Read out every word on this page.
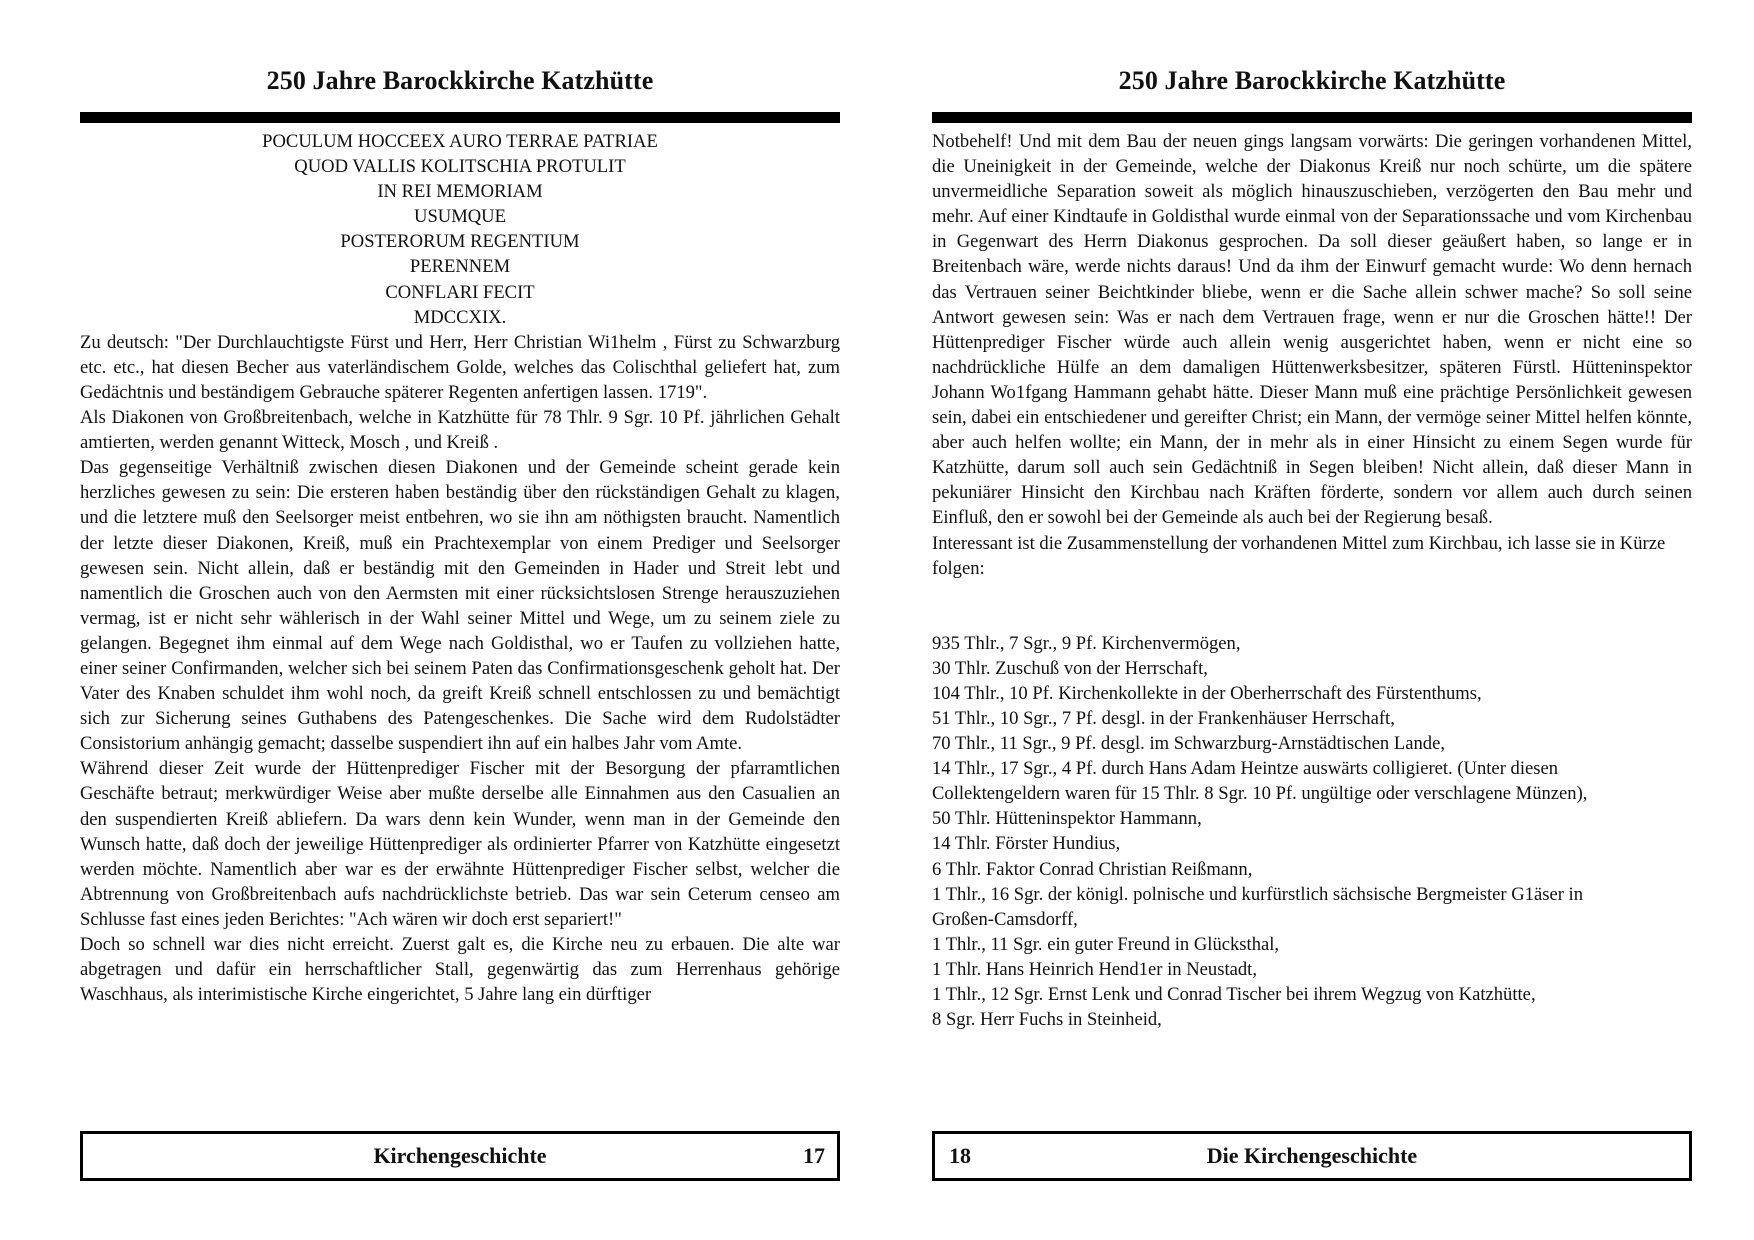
250 Jahre Barockkirche Katzhütte
POCULUM HOCCEEX AURO TERRAE PATRIAE
QUOD VALLIS KOLITSCHIA PROTULIT
IN REI MEMORIAM
USUMQUE
POSTERORUM REGENTIUM
PERENNEM
CONFLARI FECIT
MDCCXIX.

Zu deutsch: "Der Durchlauchtigste Fürst und Herr, Herr Christian Wi1helm , Fürst zu Schwarzburg etc. etc., hat diesen Becher aus vaterländischem Golde, welches das Colischthal geliefert hat, zum Gedächtnis und beständigem Gebrauche späterer Regenten anfertigen lassen. 1719".

Als Diakonen von Großbreitenbach, welche in Katzhütte für 78 Thlr. 9 Sgr. 10 Pf. jährlichen Gehalt amtierten, werden genannt Witteck, Mosch , und Kreiß .

Das gegenseitige Verhältniß zwischen diesen Diakonen und der Gemeinde scheint gerade kein herzliches gewesen zu sein: Die ersteren haben beständig über den rückständigen Gehalt zu klagen, und die letztere muß den Seelsorger meist entbehren, wo sie ihn am nöthigsten braucht. Namentlich der letzte dieser Diakonen, Kreiß, muß ein Prachtexemplar von einem Prediger und Seelsorger gewesen sein. Nicht allein, daß er beständig mit den Gemeinden in Hader und Streit lebt und namentlich die Groschen auch von den Aermsten mit einer rücksichtslosen Strenge herauszuziehen vermag, ist er nicht sehr wählerisch in der Wahl seiner Mittel und Wege, um zu seinem ziele zu gelangen. Begegnet ihm einmal auf dem Wege nach Goldisthal, wo er Taufen zu vollziehen hatte, einer seiner Confirmanden, welcher sich bei seinem Paten das Confirmationsgeschenk geholt hat. Der Vater des Knaben schuldet ihm wohl noch, da greift Kreiß schnell entschlossen zu und bemächtigt sich zur Sicherung seines Guthabens des Patengeschenkes. Die Sache wird dem Rudolstädter Consistorium anhängig gemacht; dasselbe suspendiert ihn auf ein halbes Jahr vom Amte.

Während dieser Zeit wurde der Hüttenprediger Fischer mit der Besorgung der pfarramtlichen Geschäfte betraut; merkwürdiger Weise aber mußte derselbe alle Einnahmen aus den Casualien an den suspendierten Kreiß abliefern. Da wars denn kein Wunder, wenn man in der Gemeinde den Wunsch hatte, daß doch der jeweilige Hüttenprediger als ordinierter Pfarrer von Katzhütte eingesetzt werden möchte. Namentlich aber war es der erwähnte Hüttenprediger Fischer selbst, welcher die Abtrennung von Großbreitenbach aufs nachdrücklichste betrieb. Das war sein Ceterum censeo am Schlusse fast eines jeden Berichtes: "Ach wären wir doch erst separiert!"

Doch so schnell war dies nicht erreicht. Zuerst galt es, die Kirche neu zu erbauen. Die alte war abgetragen und dafür ein herrschaftlicher Stall, gegenwärtig das zum Herrenhaus gehörige Waschhaus, als interimistische Kirche eingerichtet, 5 Jahre lang ein dürftiger

Kirchengeschichte	17
250 Jahre Barockkirche Katzhütte

Notbehelf! Und mit dem Bau der neuen gings langsam vorwärts: Die geringen vorhandenen Mittel, die Uneinigkeit in der Gemeinde, welche der Diakonus Kreiß nur noch schürte, um die spätere unvermeidliche Separation soweit als möglich hinauszuschieben, verzögerten den Bau mehr und mehr. Auf einer Kindtaufe in Goldisthal wurde einmal von der Separationssache und vom Kirchenbau in Gegenwart des Herrn Diakonus gesprochen. Da soll dieser geäußert haben, so lange er in Breitenbach wäre, werde nichts daraus! Und da ihm der Einwurf gemacht wurde: Wo denn hernach das Vertrauen seiner Beichtkinder bliebe, wenn er die Sache allein schwer mache? So soll seine Antwort gewesen sein: Was er nach dem Vertrauen frage, wenn er nur die Groschen hätte!! Der Hüttenprediger Fischer würde auch allein wenig ausgerichtet haben, wenn er nicht eine so nachdrückliche Hülfe an dem damaligen Hüttenwerksbesitzer, späteren Fürstl. Hütteninspektor Johann Wo1fgang Hammann gehabt hätte. Dieser Mann muß eine prächtige Persönlichkeit gewesen sein, dabei ein entschiedener und gereifter Christ; ein Mann, der vermöge seiner Mittel helfen könnte, aber auch helfen wollte; ein Mann, der in mehr als in einer Hinsicht zu einem Segen wurde für Katzhütte, darum soll auch sein Gedächtniß in Segen bleiben! Nicht allein, daß dieser Mann in pekuniärer Hinsicht den Kirchbau nach Kräften förderte, sondern vor allem auch durch seinen Einfluß, den er sowohl bei der Gemeinde als auch bei der Regierung besaß.

Interessant ist die Zusammenstellung der vorhandenen Mittel zum Kirchbau, ich lasse sie in Kürze folgen:

935 Thlr., 7 Sgr., 9 Pf. Kirchenvermögen,

30 Thlr. Zuschuß von der Herrschaft,

104 Thlr., 10 Pf. Kirchenkollekte in der Oberherrschaft des Fürstenthums,

51 Thlr., 10 Sgr., 7 Pf. desgl. in der Frankenhäuser Herrschaft,

70 Thlr., 11 Sgr., 9 Pf. desgl. im Schwarzburg-Arnstädtischen Lande,

14 Thlr., 17 Sgr., 4 Pf. durch Hans Adam Heintze auswärts colligieret. (Unter diesen

Collektengeldern waren für 15 Thlr. 8 Sgr. 10 Pf. ungültige oder verschlagene Münzen),

50 Thlr. Hütteninspektor Hammann,

14 Thlr. Förster Hundius,

6 Thlr. Faktor Conrad Christian Reißmann,

1 Thlr., 16 Sgr. der königl. polnische und kurfürstlich sächsische Bergmeister G1äser in

Großen-Camsdorff,

1 Thlr., 11 Sgr. ein guter Freund in Glücksthal,

1 Thlr. Hans Heinrich Hend1er in Neustadt,

1 Thlr., 12 Sgr. Ernst Lenk und Conrad Tischer bei ihrem Wegzug von Katzhütte,

8 Sgr. Herr Fuchs in Steinheid,

18	Die Kirchengeschichte
